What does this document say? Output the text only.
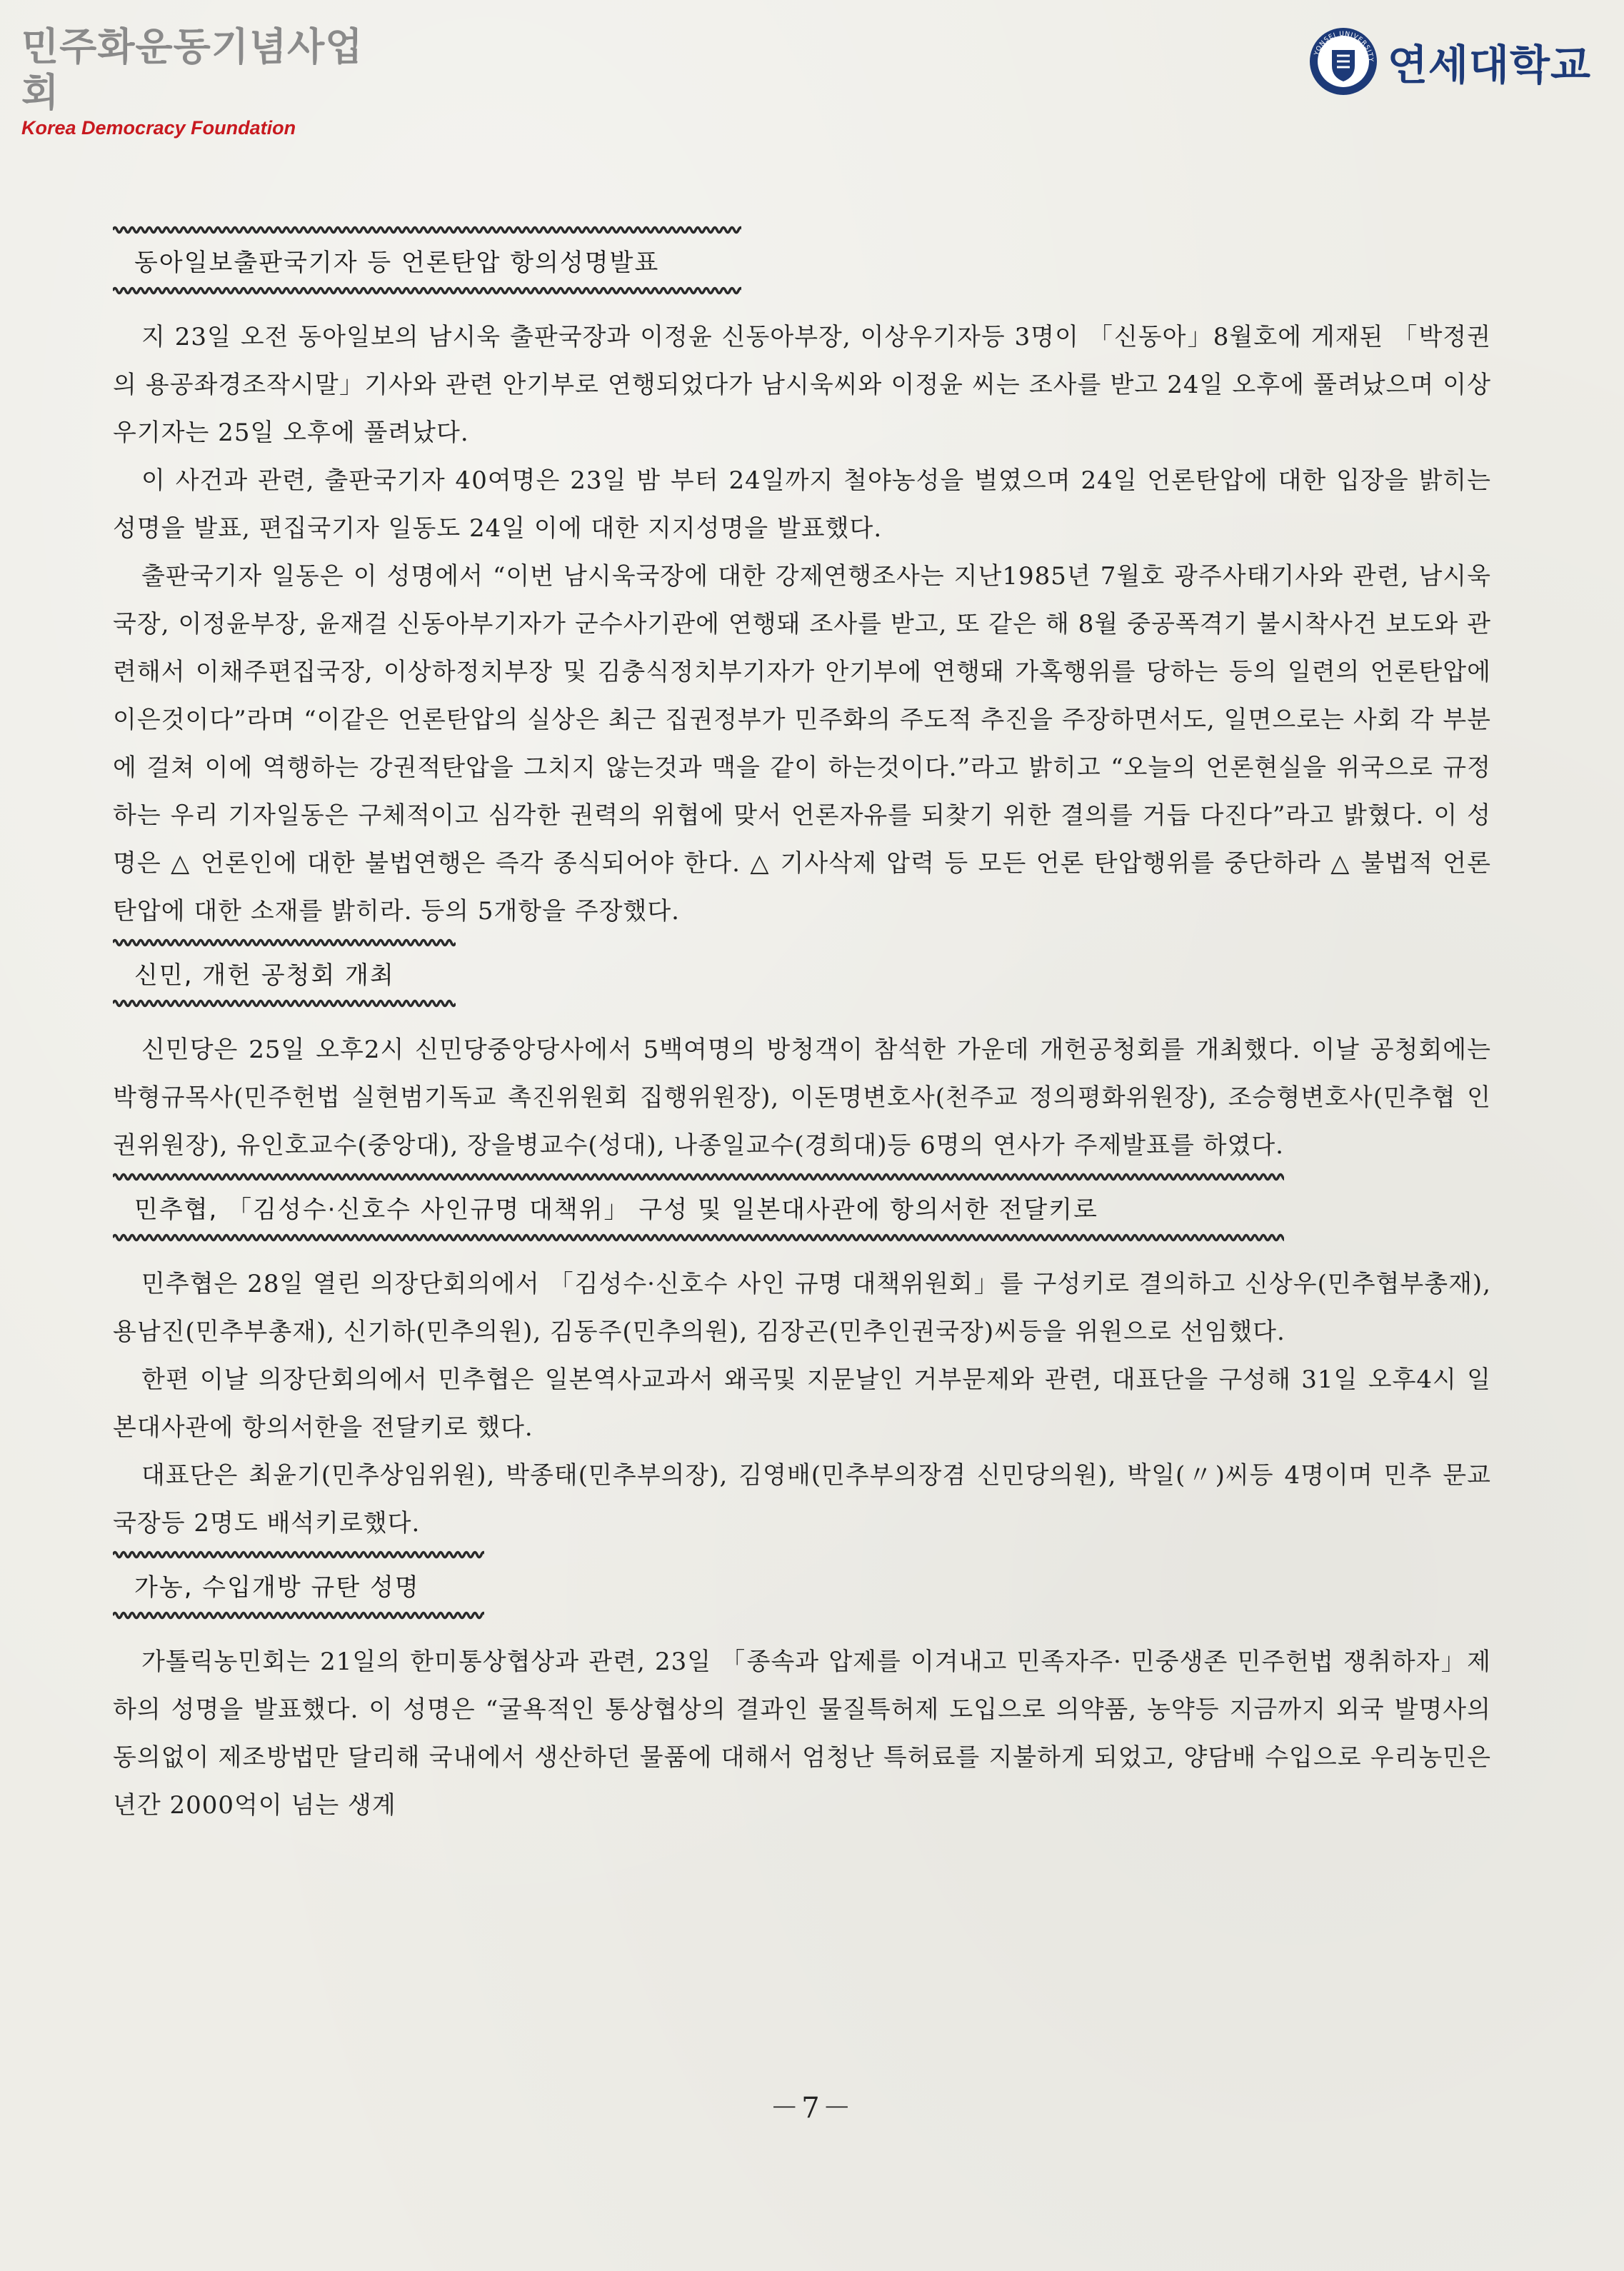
민주화운동기념사업회
Korea Democracy Foundation
YONSEI UNIVERSITY 연세대학교
동아일보출판국기자 등 언론탄압 항의성명발표

지 23일 오전 동아일보의 남시욱 출판국장과 이정윤 신동아부장, 이상우기자등 3명이 「신동아」8월호에 게재된 「박정권의 용공좌경조작시말」기사와 관련 안기부로 연행되었다가 남시욱씨와 이정윤 씨는 조사를 받고 24일 오후에 풀려났으며 이상우기자는 25일 오후에 풀려났다.

이 사건과 관련, 출판국기자 40여명은 23일 밤 부터 24일까지 철야농성을 벌였으며 24일 언론탄압에 대한 입장을 밝히는 성명을 발표, 편집국기자 일동도 24일 이에 대한 지지성명을 발표했다.

출판국기자 일동은 이 성명에서 “이번 남시욱국장에 대한 강제연행조사는 지난1985년 7월호 광주사태기사와 관련, 남시욱국장, 이정윤부장, 윤재걸 신동아부기자가 군수사기관에 연행돼 조사를 받고, 또 같은 해 8월 중공폭격기 불시착사건 보도와 관련해서 이채주편집국장, 이상하정치부장 및 김충식정치부기자가 안기부에 연행돼 가혹행위를 당하는 등의 일련의 언론탄압에 이은것이다”라며 “이같은 언론탄압의 실상은 최근 집권정부가 민주화의 주도적 추진을 주장하면서도, 일면으로는 사회 각 부분에 걸쳐 이에 역행하는 강권적탄압을 그치지 않는것과 맥을 같이 하는것이다.”라고 밝히고 “오늘의 언론현실을 위국으로 규정하는 우리 기자일동은 구체적이고 심각한 권력의 위협에 맞서 언론자유를 되찾기 위한 결의를 거듭 다진다”라고 밝혔다. 이 성명은 △ 언론인에 대한 불법연행은 즉각 종식되어야 한다. △ 기사삭제 압력 등 모든 언론 탄압행위를 중단하라 △ 불법적 언론탄압에 대한 소재를 밝히라. 등의 5개항을 주장했다.

신민, 개헌 공청회 개최

신민당은 25일 오후2시 신민당중앙당사에서 5백여명의 방청객이 참석한 가운데 개헌공청회를 개최했다. 이날 공청회에는 박형규목사(민주헌법 실현범기독교 촉진위원회 집행위원장), 이돈명변호사(천주교 정의평화위원장), 조승형변호사(민추협 인권위원장), 유인호교수(중앙대), 장을병교수(성대), 나종일교수(경희대)등 6명의 연사가 주제발표를 하였다.

민추협, 「김성수·신호수 사인규명 대책위」 구성 및 일본대사관에 항의서한 전달키로

민추협은 28일 열린 의장단회의에서 「김성수·신호수 사인 규명 대책위원회」를 구성키로 결의하고 신상우(민추협부총재), 용남진(민추부총재), 신기하(민추의원), 김동주(민추의원), 김장곤(민추인권국장)씨등을 위원으로 선임했다.

한편 이날 의장단회의에서 민추협은 일본역사교과서 왜곡및 지문날인 거부문제와 관련, 대표단을 구성해 31일 오후4시 일본대사관에 항의서한을 전달키로 했다.

대표단은 최윤기(민추상임위원), 박종태(민추부의장), 김영배(민추부의장겸 신민당의원), 박일(〃)씨등 4명이며 민추 문교국장등 2명도 배석키로했다.

가농, 수입개방 규탄 성명

가톨릭농민회는 21일의 한미통상협상과 관련, 23일 「종속과 압제를 이겨내고 민족자주· 민중생존 민주헌법 쟁취하자」제하의 성명을 발표했다. 이 성명은 “굴욕적인 통상협상의 결과인 물질특허제 도입으로 의약품, 농약등 지금까지 외국 발명사의 동의없이 제조방법만 달리해 국내에서 생산하던 물품에 대해서 엄청난 특허료를 지불하게 되었고, 양담배 수입으로 우리농민은 년간 2000억이 넘는 생계

－7－
